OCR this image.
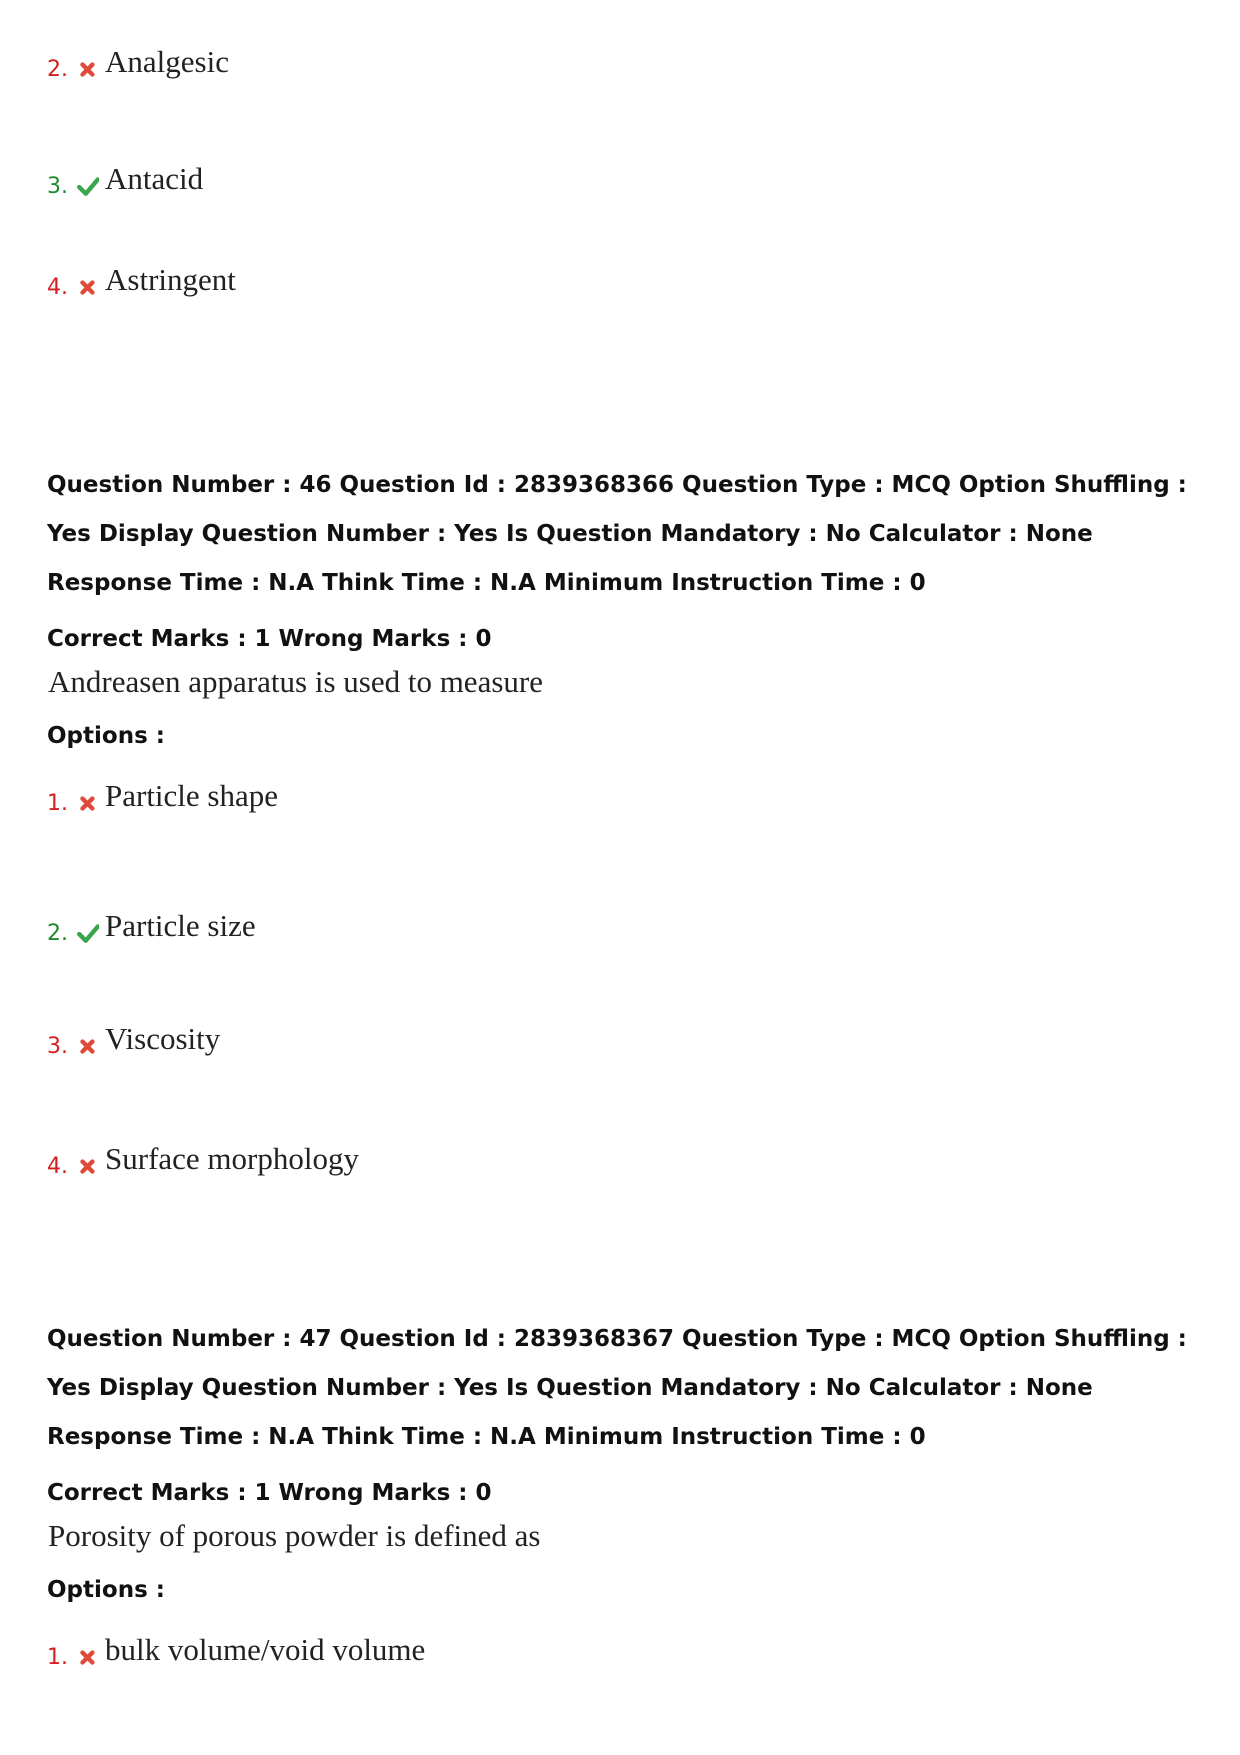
2. Analgesic
3. Antacid
4. Astringent
Question Number : 46 Question Id : 2839368366 Question Type : MCQ Option Shuffling : Yes Display Question Number : Yes Is Question Mandatory : No Calculator : None Response Time : N.A Think Time : N.A Minimum Instruction Time : 0
Correct Marks : 1 Wrong Marks : 0
Andreasen apparatus is used to measure
Options :
1. Particle shape
2. Particle size
3. Viscosity
4. Surface morphology
Question Number : 47 Question Id : 2839368367 Question Type : MCQ Option Shuffling : Yes Display Question Number : Yes Is Question Mandatory : No Calculator : None Response Time : N.A Think Time : N.A Minimum Instruction Time : 0
Correct Marks : 1 Wrong Marks : 0
Porosity of porous powder is defined as
Options :
1. bulk volume/void volume
